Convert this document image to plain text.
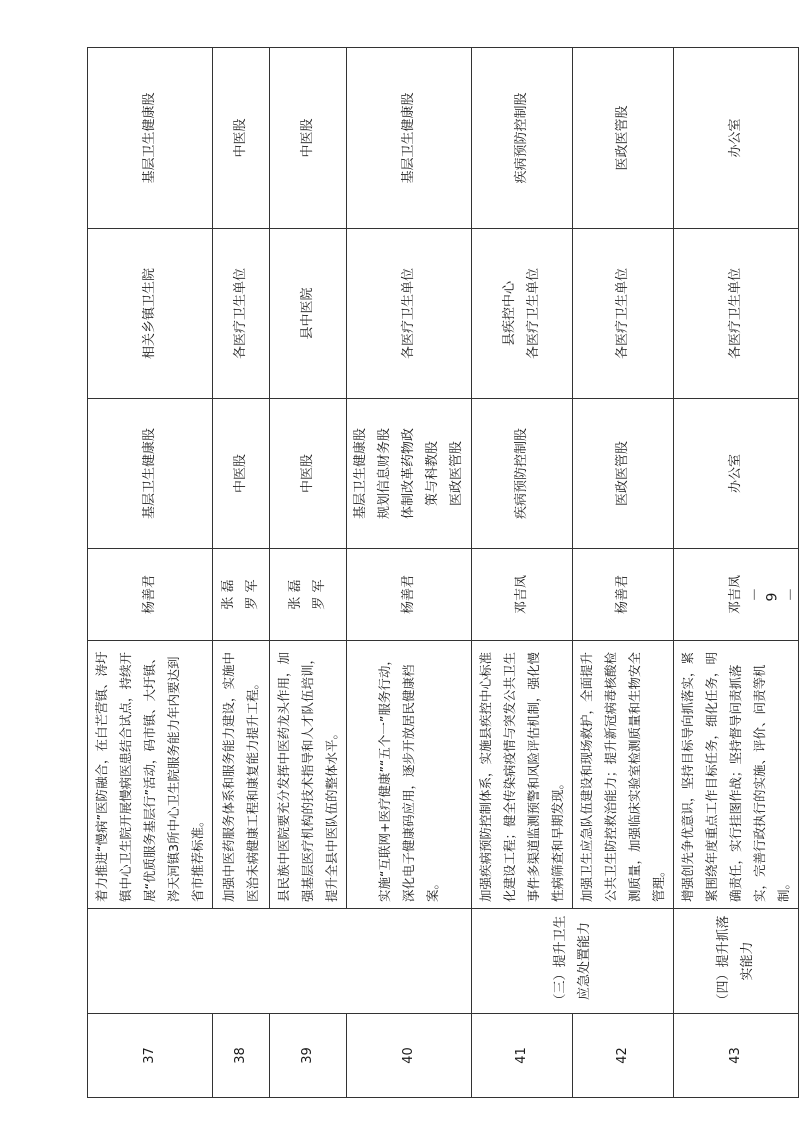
37		着力推进“慢病”医防融合，在白芒营镇、涛圩镇中心卫生院开展慢病医患结合试点，持续开展“优质服务基层行”活动，码市镇、大圩镇、涔天河镇3所中心卫生院服务能力年内要达到省市推荐标准。	杨善君	基层卫生健康股	相关乡镇卫生院	基层卫生健康股

38		加强中医药服务体系和服务能力建设，实施中医治未病健康工程和康复能力提升工程。	张 磊 罗 军	中医股	各医疗卫生单位	中医股

39		县民族中医院要充分发挥中医药龙头作用，加强基层医疗机构的技术指导和人才队伍培训，提升全县中医队伍的整体水平。	张 磊 罗 军	中医股	县中医院	中医股

40		实施“互联网+医疗健康”“五个一”服务行动，深化电子健康码应用，逐步开放居民健康档案。	杨善君	基层卫生健康股 规划信息财务股 体制改革药物政 策与科教股 医政医管股	各医疗卫生单位	基层卫生健康股

41	（三）提升卫生应急处置能力	加强疾病预防控制体系，实施县疾控中心标准化建设工程；健全传染病疫情与突发公共卫生事件多渠道监测预警和风险评估机制，强化慢性病筛查和早期发现。	邓吉凤	疾病预防控制股	县疾控中心 各医疗卫生单位	疾病预防控制股

42		加强卫生应急队伍建设和现场救护，全面提升公共卫生防控救治能力；提升新冠病毒核酸检测质量，加强临床实验室检测质量和生物安全管理。	杨善君	医政医管股	各医疗卫生单位	医政医管股

43	（四）提升抓落实能力	增强创先争优意识，坚持目标导向抓落实，紧紧围绕年度重点工作目标任务，细化任务，明确责任，实行挂图作战；坚持督导问责抓落实，完善行政执行的实施、评价、问责等机制。	邓吉凤	办公室	各医疗卫生单位	办公室
－ 9 －
